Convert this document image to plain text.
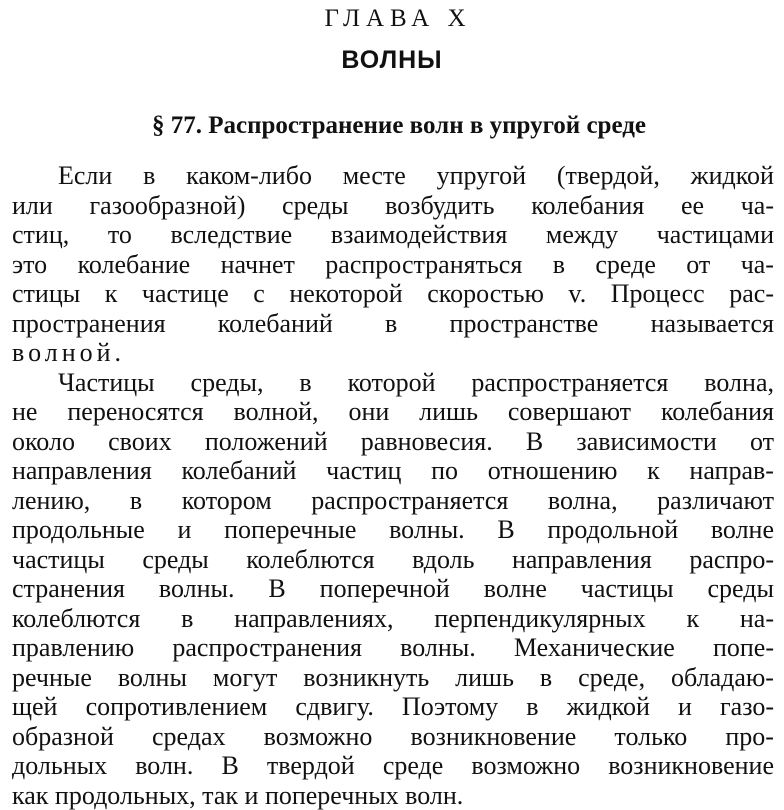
ГЛАВА X
ВОЛНЫ
§ 77. Распространение волн в упругой среде
Если в каком-либо месте упругой (твердой, жидкой
или газообразной) среды возбудить колебания ее ча-
стиц, то вследствие взаимодействия между частицами
это колебание начнет распространяться в среде от ча-
стицы к частице с некоторой скоростью v. Процесс рас-
пространения колебаний в пространстве называется
волной.
Частицы среды, в которой распространяется волна,
не переносятся волной, они лишь совершают колебания
около своих положений равновесия. В зависимости от
направления колебаний частиц по отношению к направ-
лению, в котором распространяется волна, различают
продольные и поперечные волны. В продольной волне
частицы среды колеблются вдоль направления распро-
странения волны. В поперечной волне частицы среды
колеблются в направлениях, перпендикулярных к на-
правлению распространения волны. Механические попе-
речные волны могут возникнуть лишь в среде, обладаю-
щей сопротивлением сдвигу. Поэтому в жидкой и газо-
образной средах возможно возникновение только про-
дольных волн. В твердой среде возможно возникновение
как продольных, так и поперечных волн.
